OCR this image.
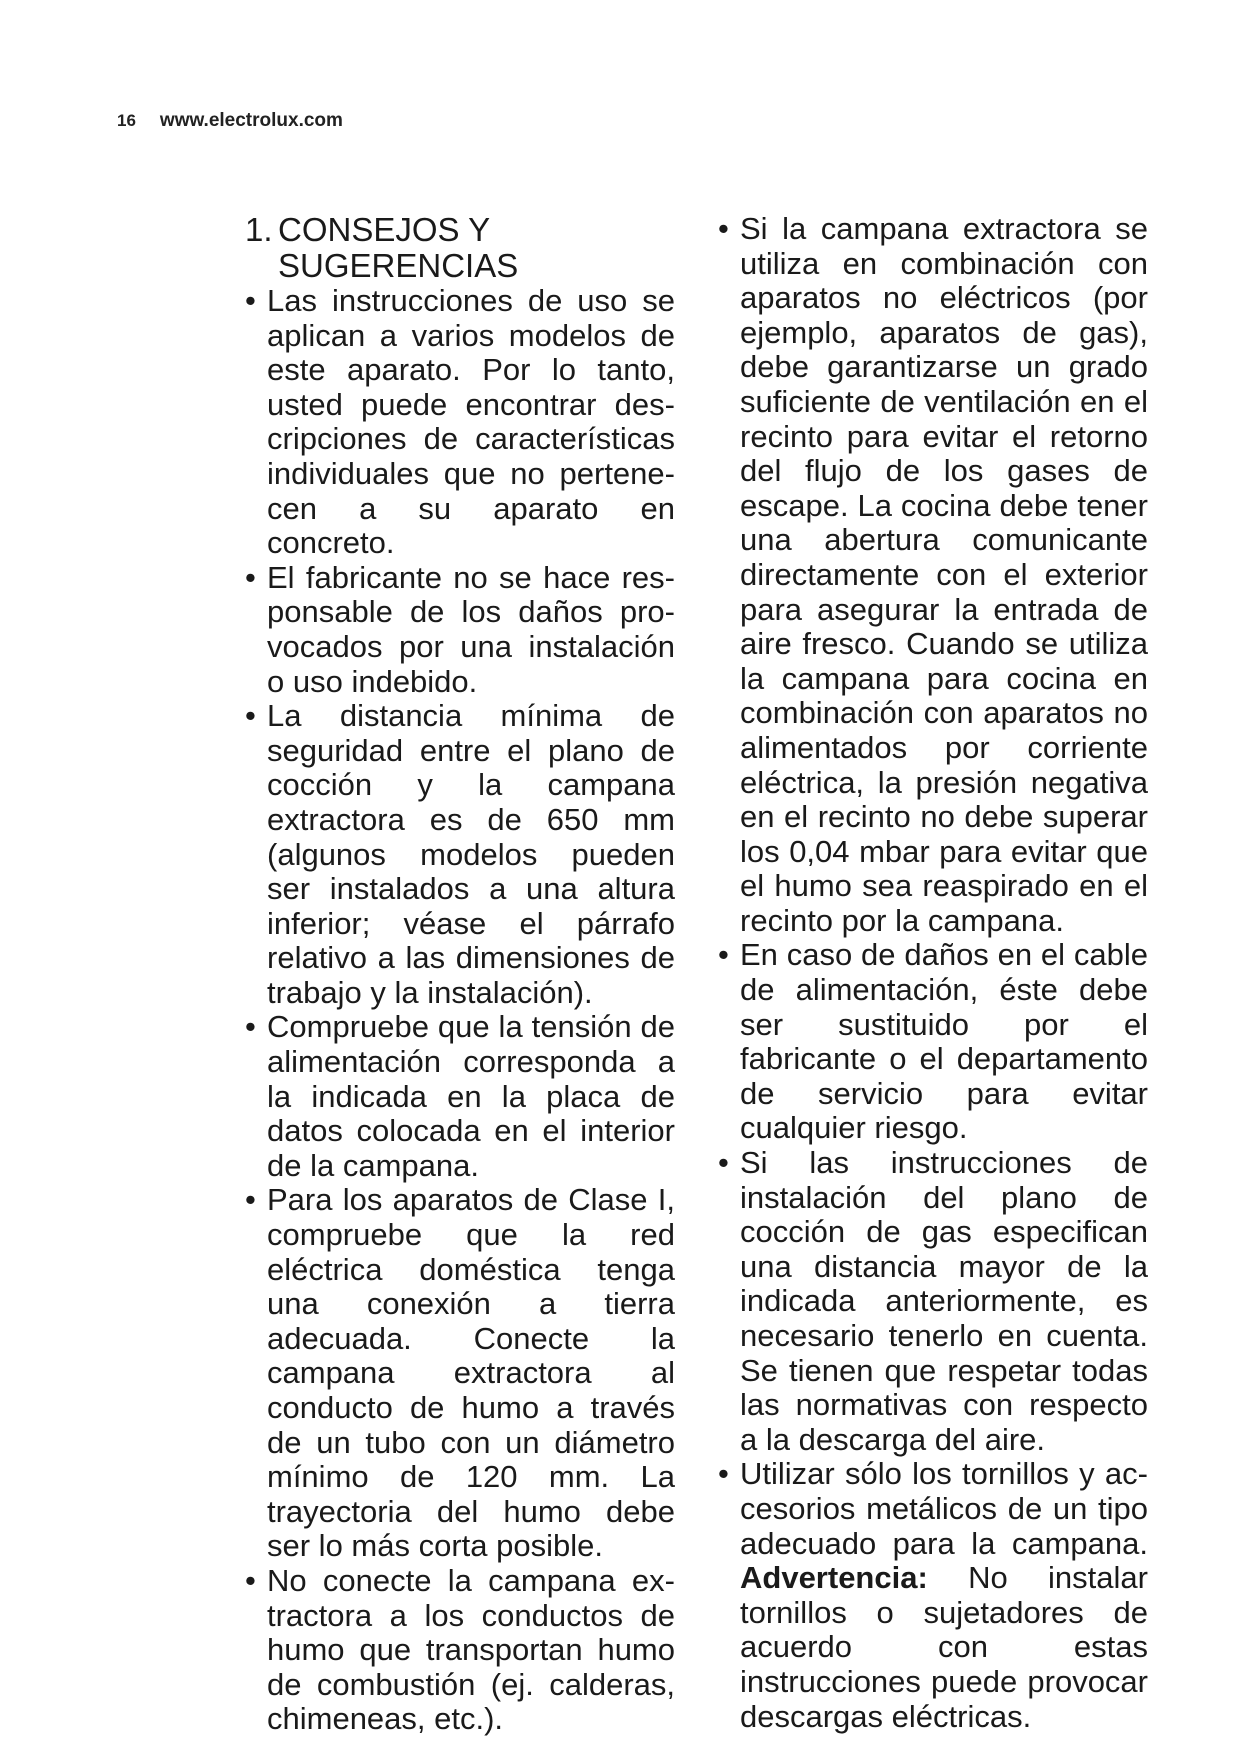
16 www.electrolux.com
1. CONSEJOS Y SUGERENCIAS
• Las instrucciones de uso se aplican a varios modelos de este aparato. Por lo tanto, usted puede encontrar descripciones de características individuales que no pertenecen a su aparato en concreto.
• El fabricante no se hace responsable de los daños provocados por una instalación o uso indebido.
• La distancia mínima de seguridad entre el plano de cocción y la campana extractora es de 650 mm (algunos modelos pueden ser instalados a una altura inferior; véase el párrafo relativo a las dimensiones de trabajo y la instalación).
• Compruebe que la tensión de alimentación corresponda a la indicada en la placa de datos colocada en el interior de la campana.
• Para los aparatos de Clase I, compruebe que la red eléctrica doméstica tenga una conexión a tierra adecuada. Conecte la campana extractora al conducto de humo a través de un tubo con un diámetro mínimo de 120 mm. La trayectoria del humo debe ser lo más corta posible.
• No conecte la campana extractora a los conductos de humo que transportan humo de combustión (ej. calderas, chimeneas, etc.).
• Si la campana extractora se utiliza en combinación con aparatos no eléctricos (por ejemplo, aparatos de gas), debe garantizarse un grado suficiente de ventilación en el recinto para evitar el retorno del flujo de los gases de escape. La cocina debe tener una abertura comunicante directamente con el exterior para asegurar la entrada de aire fresco. Cuando se utiliza la campana para cocina en combinación con aparatos no alimentados por corriente eléctrica, la presión negativa en el recinto no debe superar los 0,04 mbar para evitar que el humo sea reaspirado en el recinto por la campana.
• En caso de daños en el cable de alimentación, éste debe ser sustituido por el fabricante o el departamento de servicio para evitar cualquier riesgo.
• Si las instrucciones de instalación del plano de cocción de gas especifican una distancia mayor de la indicada anteriormente, es necesario tenerlo en cuenta. Se tienen que respetar todas las normativas con respecto a la descarga del aire.
• Utilizar sólo los tornillos y accesorios metálicos de un tipo adecuado para la campana. Advertencia: No instalar tornillos o sujetadores de acuerdo con estas instrucciones puede provocar descargas eléctricas.
